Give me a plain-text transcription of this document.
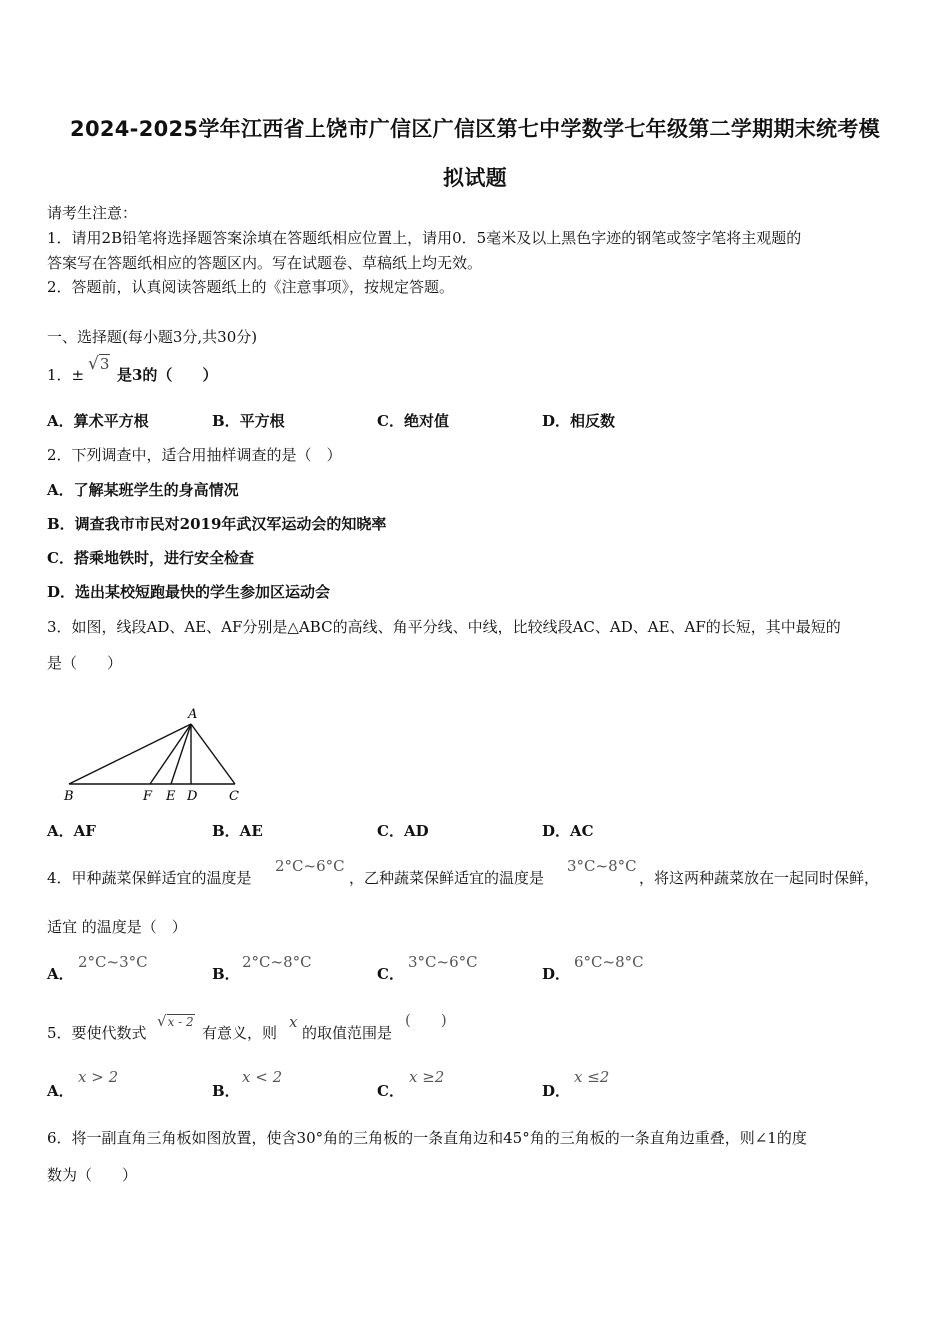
2024-2025学年江西省上饶市广信区广信区第七中学数学七年级第二学期期末统考模
拟试题
请考生注意：
1．请用2B铅笔将选择题答案涂填在答题纸相应位置上，请用0．5毫米及以上黑色字迹的钢笔或签字笔将主观题的
答案写在答题纸相应的答题区内。写在试题卷、草稿纸上均无效。
2．答题前，认真阅读答题纸上的《注意事项》，按规定答题。
一、选择题(每小题3分,共30分)
1．±
√3
是3的（　　）
A．算术平方根	B．平方根	C．绝对值	D．相反数
2．下列调查中，适合用抽样调查的是（　）
A．了解某班学生的身高情况
B．调查我市市民对2019年武汉军运动会的知晓率
C．搭乘地铁时，进行安全检查
D．选出某校短跑最快的学生参加区运动会
3．如图，线段AD、AE、AF分别是△ABC的高线、角平分线、中线，比较线段AC、AD、AE、AF的长短，其中最短的
是（　　）
A
B	F E D C
A．AF	B．AE	C．AD	D．AC
4．甲种蔬菜保鲜适宜的温度是
2°C~6°C
，乙种蔬菜保鲜适宜的温度是
3°C~8°C
，将这两种蔬菜放在一起同时保鲜，
适宜 的温度是（　）
A．
2°C~3°C
B．
2°C~8°C
C．
3°C~6°C
D．
6°C~8°C
5．要使代数式
√x - 2
有意义，则
x
的取值范围是
(　　)
A．
x > 2
B．
x < 2
C．
x ≥2
D．
x ≤2
6．将一副直角三角板如图放置，使含30°角的三角板的一条直角边和45°角的三角板的一条直角边重叠，则∠1的度
数为（　　）
